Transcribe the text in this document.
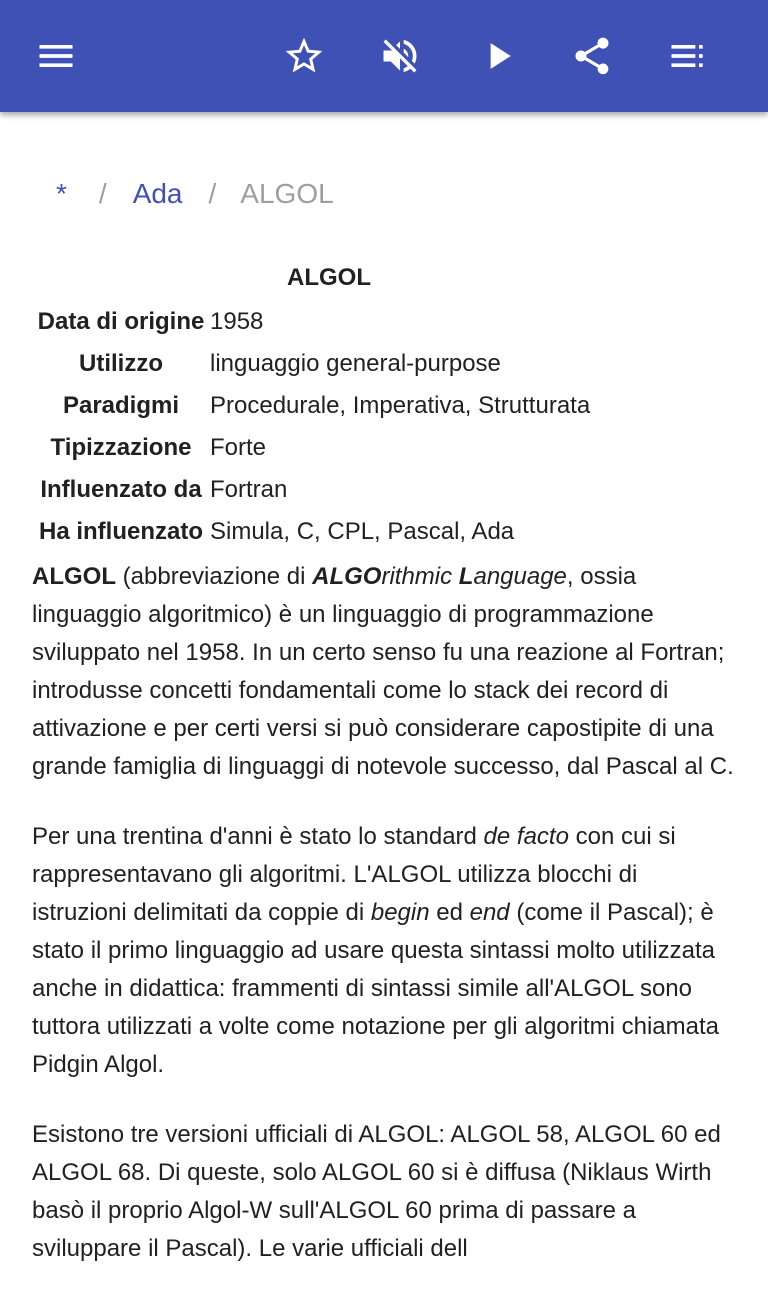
* / Ada / ALGOL
ALGOL
Data di origine 1958
Utilizzo	linguaggio general-purpose
Paradigmi	Procedurale, Imperativa, Strutturata
Tipizzazione Forte
Influenzato da Fortran
Ha influenzato Simula, C, CPL, Pascal, Ada

ALGOL (abbreviazione di ALGOrithmic Language, ossia linguaggio algoritmico) è un linguaggio di programmazione sviluppato nel 1958. In un certo senso fu una reazione al Fortran; introdusse concetti fondamentali come lo stack dei record di attivazione e per certi versi si può considerare capostipite di una grande famiglia di linguaggi di notevole successo, dal Pascal al C.

Per una trentina d'anni è stato lo standard de facto con cui si rappresentavano gli algoritmi. L'ALGOL utilizza blocchi di istruzioni delimitati da coppie di begin ed end (come il Pascal); è stato il primo linguaggio ad usare questa sintassi molto utilizzata anche in didattica: frammenti di sintassi simile all'ALGOL sono tuttora utilizzati a volte come notazione per gli algoritmi chiamata Pidgin Algol.

Esistono tre versioni ufficiali di ALGOL: ALGOL 58, ALGOL 60 ed ALGOL 68. Di queste, solo ALGOL 60 si è diffusa (Niklaus Wirth basò il proprio Algol-W sull'ALGOL 60 prima di passare a sviluppare il Pascal). Le varie ufficiali dell
